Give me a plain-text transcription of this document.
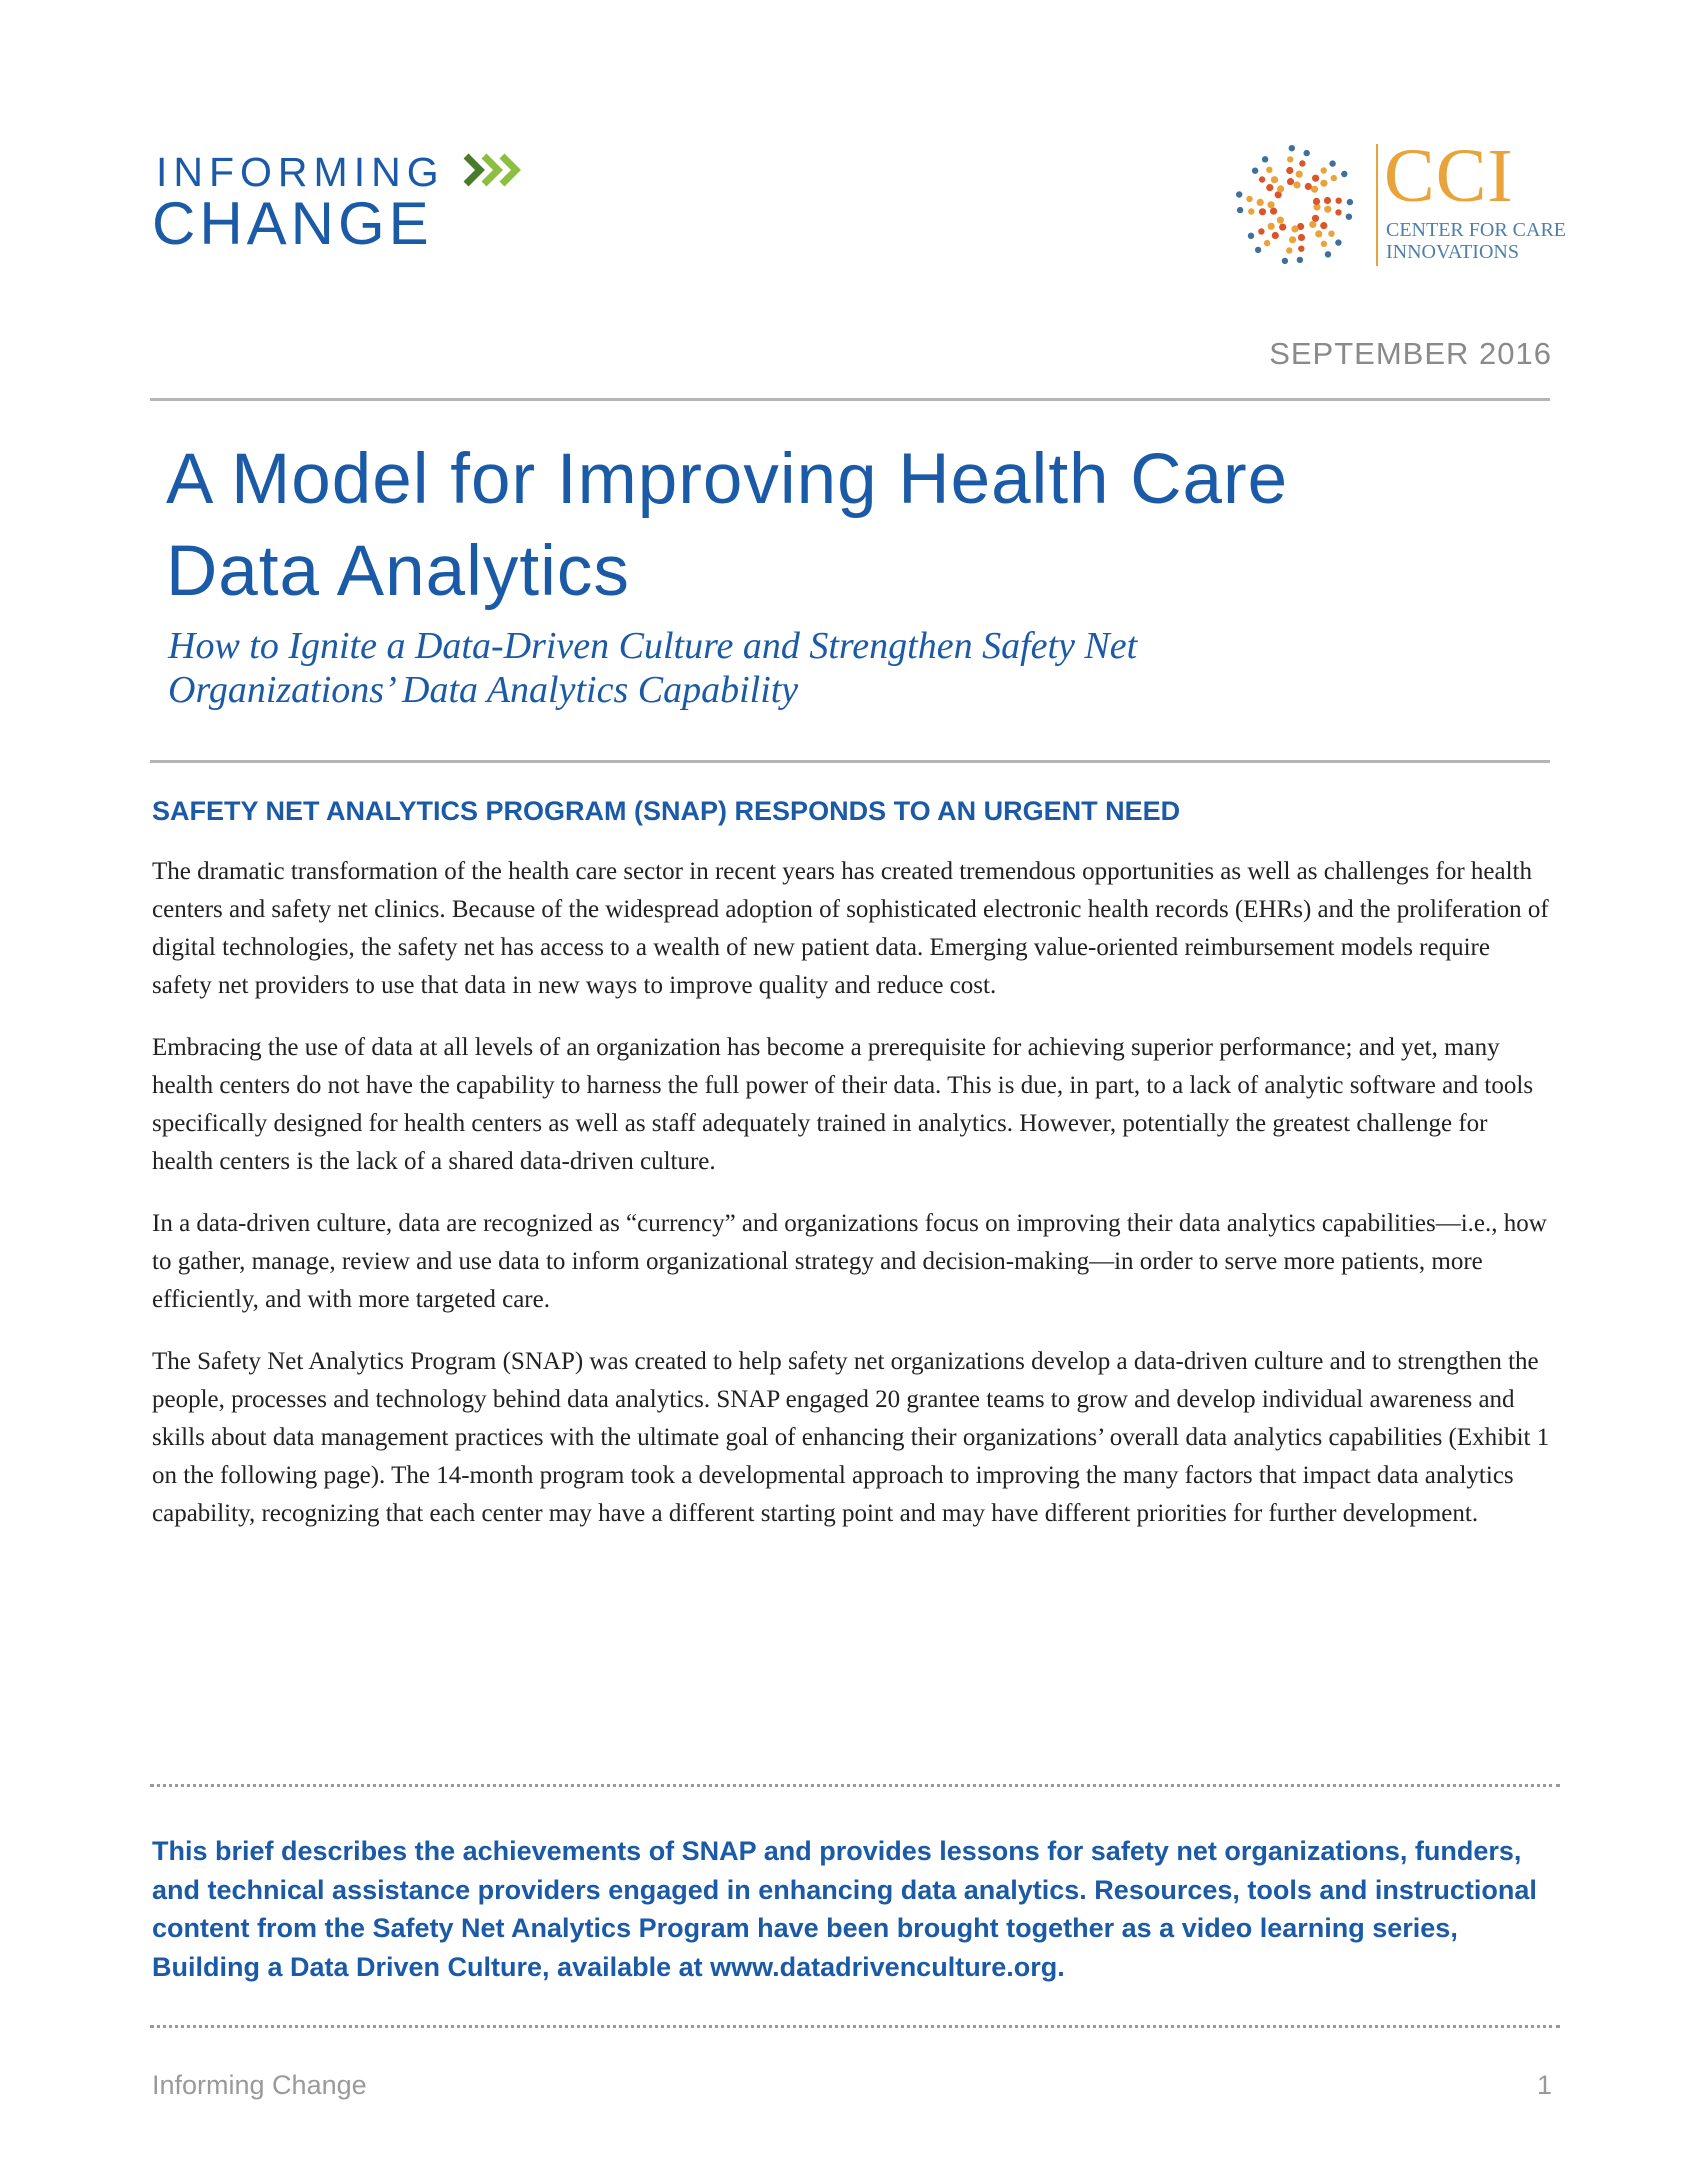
INFORMING
CHANGE
CCI
CENTER FOR CARE
INNOVATIONS
SEPTEMBER 2016
A Model for Improving Health Care
Data Analytics
How to Ignite a Data-Driven Culture and Strengthen Safety Net
Organizations’ Data Analytics Capability
SAFETY NET ANALYTICS PROGRAM (SNAP) RESPONDS TO AN URGENT NEED

The dramatic transformation of the health care sector in recent years has created tremendous opportunities as well as challenges for health centers and safety net clinics. Because of the widespread adoption of sophisticated electronic health records (EHRs) and the proliferation of digital technologies, the safety net has access to a wealth of new patient data. Emerging value-oriented reimbursement models require safety net providers to use that data in new ways to improve quality and reduce cost.

Embracing the use of data at all levels of an organization has become a prerequisite for achieving superior performance; and yet, many health centers do not have the capability to harness the full power of their data. This is due, in part, to a lack of analytic software and tools specifically designed for health centers as well as staff adequately trained in analytics. However, potentially the greatest challenge for health centers is the lack of a shared data-driven culture.

In a data-driven culture, data are recognized as “currency” and organizations focus on improving their data analytics capabilities—i.e., how to gather, manage, review and use data to inform organizational strategy and decision-making—in order to serve more patients, more efficiently, and with more targeted care.

The Safety Net Analytics Program (SNAP) was created to help safety net organizations develop a data-driven culture and to strengthen the people, processes and technology behind data analytics. SNAP engaged 20 grantee teams to grow and develop individual awareness and skills about data management practices with the ultimate goal of enhancing their organizations’ overall data analytics capabilities (Exhibit 1 on the following page). The 14-month program took a developmental approach to improving the many factors that impact data analytics capability, recognizing that each center may have a different starting point and may have different priorities for further development.

This brief describes the achievements of SNAP and provides lessons for safety net organizations, funders, and technical assistance providers engaged in enhancing data analytics. Resources, tools and instructional content from the Safety Net Analytics Program have been brought together as a video learning series, Building a Data Driven Culture, available at www.datadrivenculture.org.

Informing Change	1
